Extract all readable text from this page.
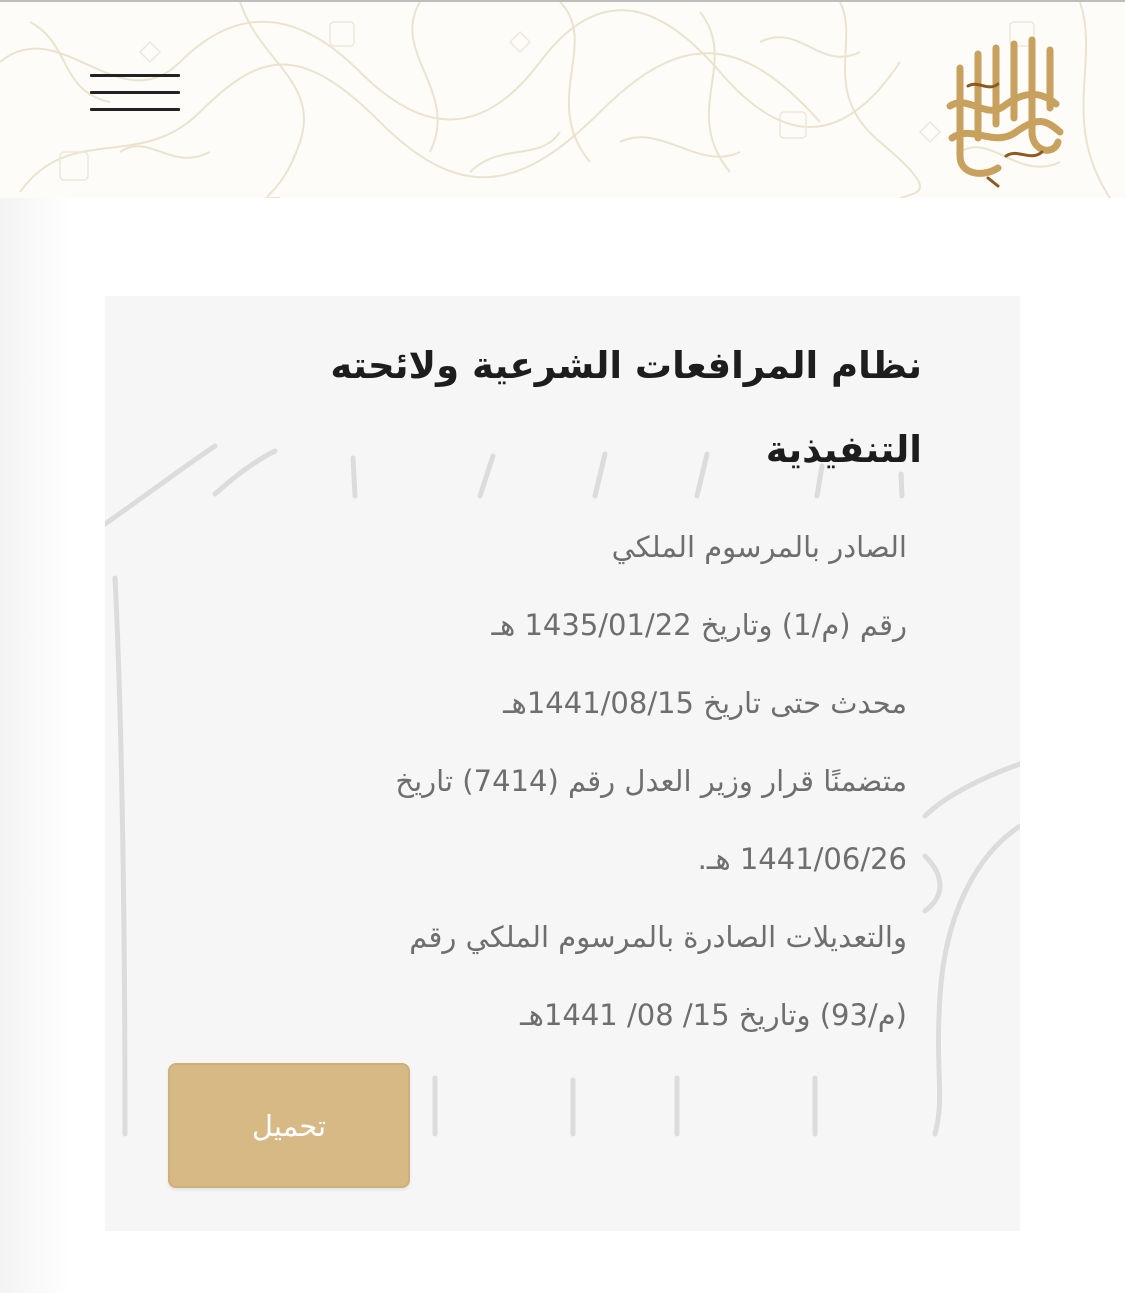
نظام المرافعات الشرعية ولائحته
التنفيذية
الصادر بالمرسوم الملكي
رقم (م/1) وتاريخ 1435/01/22 هـ
محدث حتى تاريخ 1441/08/15هـ
متضمنًا قرار وزير العدل رقم (7414) تاريخ
1441/06/26 هـ.
والتعديلات الصادرة بالمرسوم الملكي رقم
(م/93) وتاريخ 15/ 08/ 1441هـ
تحميل
